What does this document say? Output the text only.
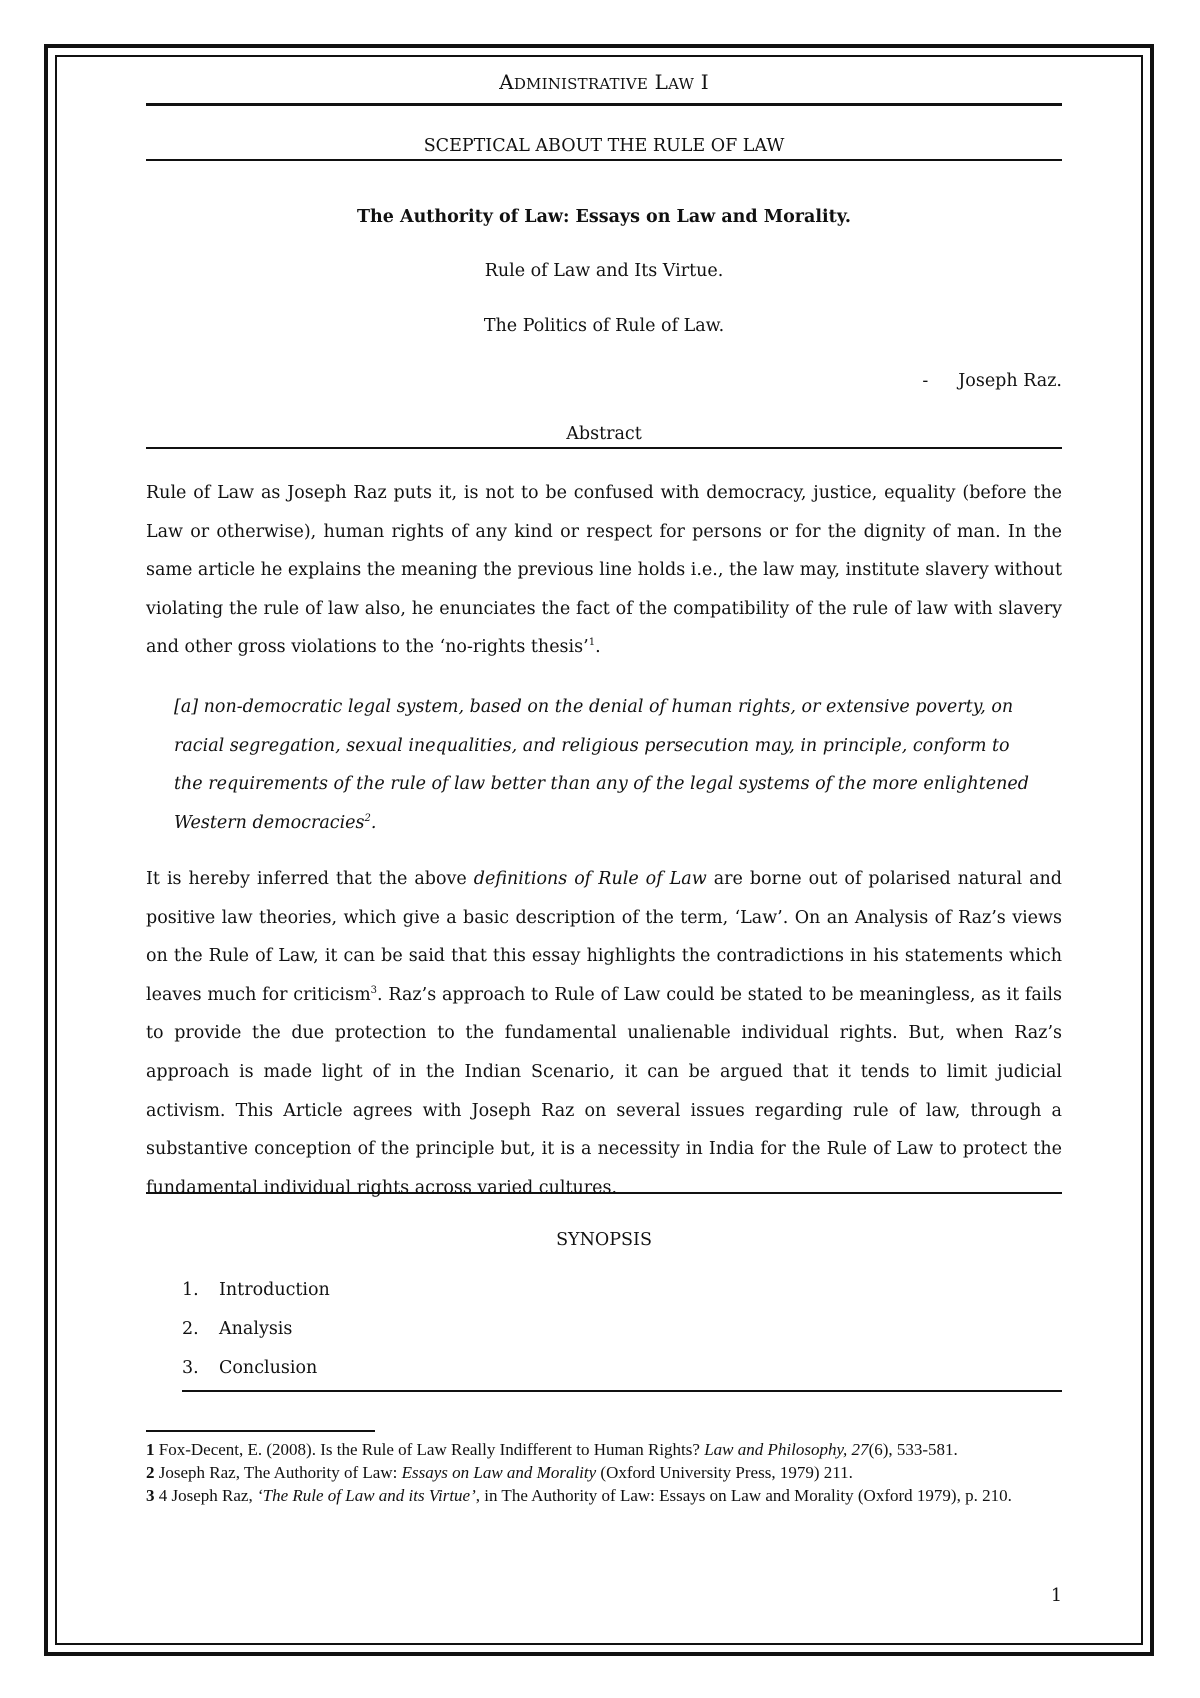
ADMINISTRATIVE LAW I
SCEPTICAL ABOUT THE RULE OF LAW
The Authority of Law: Essays on Law and Morality.
Rule of Law and Its Virtue.
The Politics of Rule of Law.
- Joseph Raz.
Abstract
Rule of Law as Joseph Raz puts it, is not to be confused with democracy, justice, equality (before the Law or otherwise), human rights of any kind or respect for persons or for the dignity of man. In the same article he explains the meaning the previous line holds i.e., the law may, institute slavery without violating the rule of law also, he enunciates the fact of the compatibility of the rule of law with slavery and other gross violations to the ‘no-rights thesis’$^1$.
[a] non-democratic legal system, based on the denial of human rights, or extensive poverty, on racial segregation, sexual inequalities, and religious persecution may, in principle, conform to the requirements of the rule of law better than any of the legal systems of the more enlightened Western democracies$^2$.
It is hereby inferred that the above definitions of Rule of Law are borne out of polarised natural and positive law theories, which give a basic description of the term, ‘Law’. On an Analysis of Raz’s views on the Rule of Law, it can be said that this essay highlights the contradictions in his statements which leaves much for criticism$^3$. Raz’s approach to Rule of Law could be stated to be meaningless, as it fails to provide the due protection to the fundamental unalienable individual rights. But, when Raz’s approach is made light of in the Indian Scenario, it can be argued that it tends to limit judicial activism. This Article agrees with Joseph Raz on several issues regarding rule of law, through a substantive conception of the principle but, it is a necessity in India for the Rule of Law to protect the fundamental individual rights across varied cultures.
SYNOPSIS
1.	Introduction
2.	Analysis
3.	Conclusion

1 Fox-Decent, E. (2008). Is the Rule of Law Really Indifferent to Human Rights? Law and Philosophy, 27(6), 533-581.

2 Joseph Raz, The Authority of Law: Essays on Law and Morality (Oxford University Press, 1979) 211.

3 4 Joseph Raz, ‘The Rule of Law and its Virtue’, in The Authority of Law: Essays on Law and Morality (Oxford 1979), p. 210.

1
